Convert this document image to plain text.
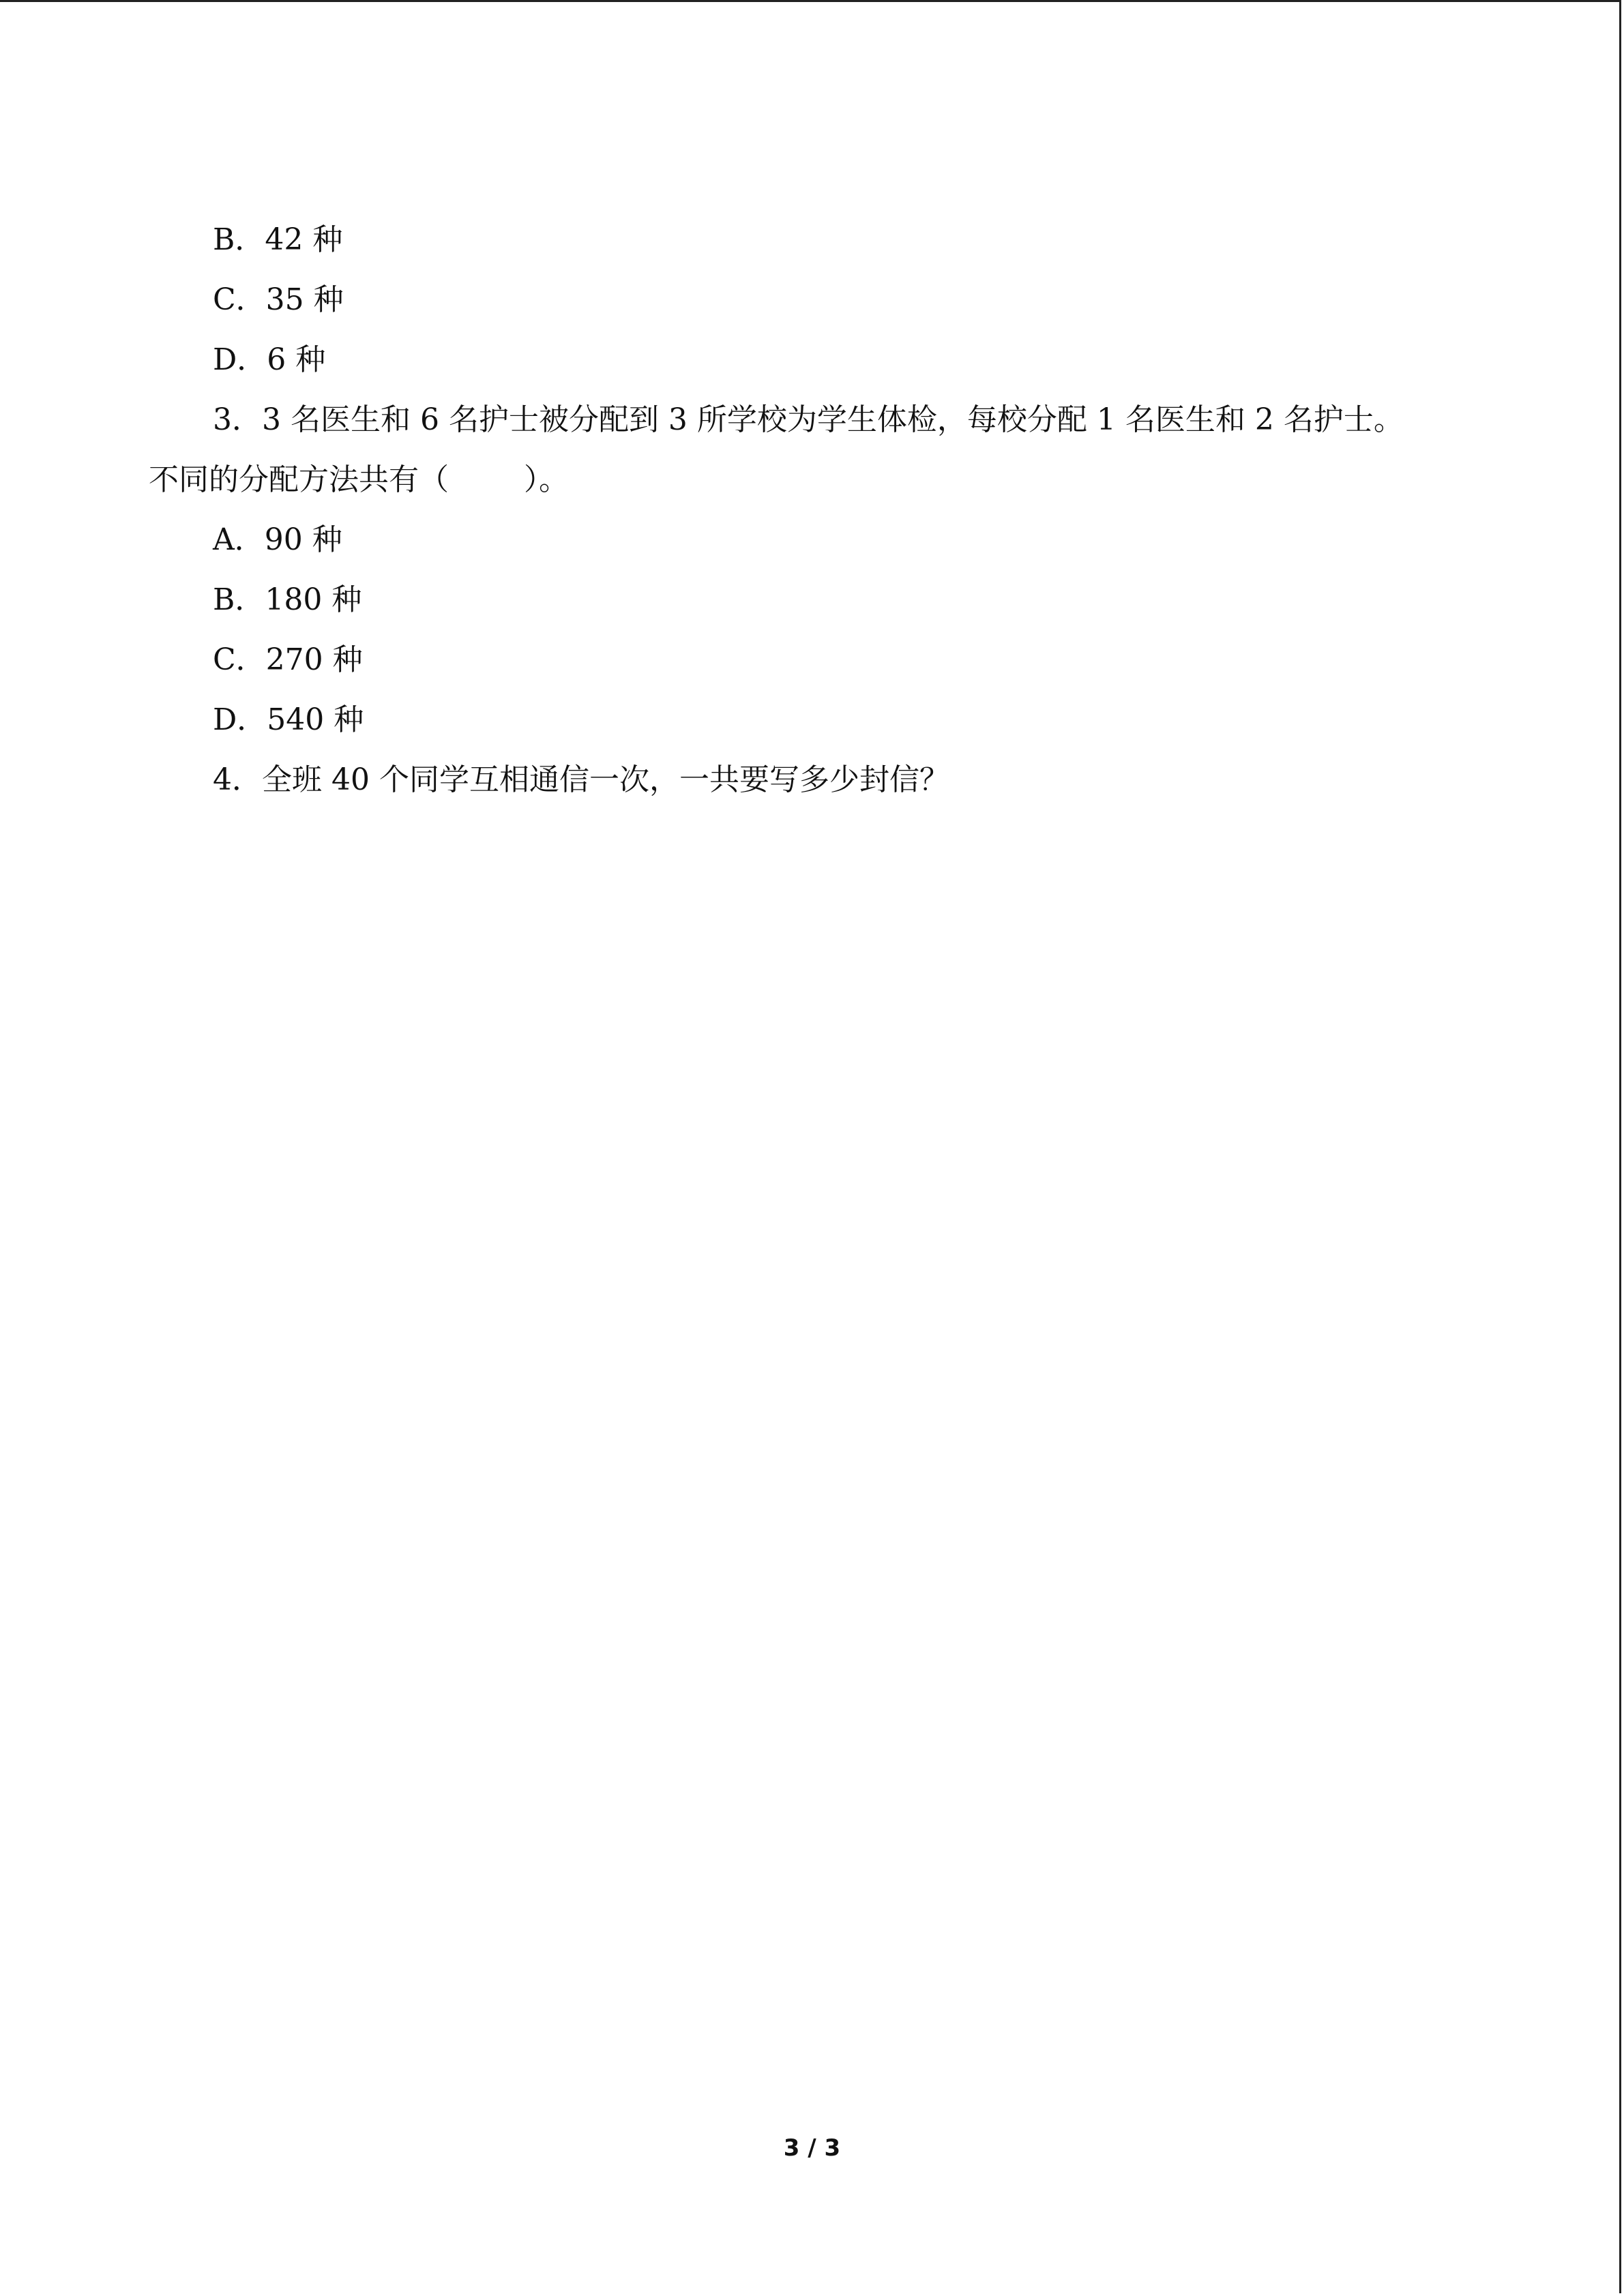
B．42 种
C．35 种
D．6 种
3．3 名医生和 6 名护士被分配到 3 所学校为学生体检，每校分配 1 名医生和 2 名护士。
不同的分配方法共有（	）。
A．90 种
B．180 种
C．270 种
D．540 种
4．全班 40 个同学互相通信一次，一共要写多少封信？
3 / 3
